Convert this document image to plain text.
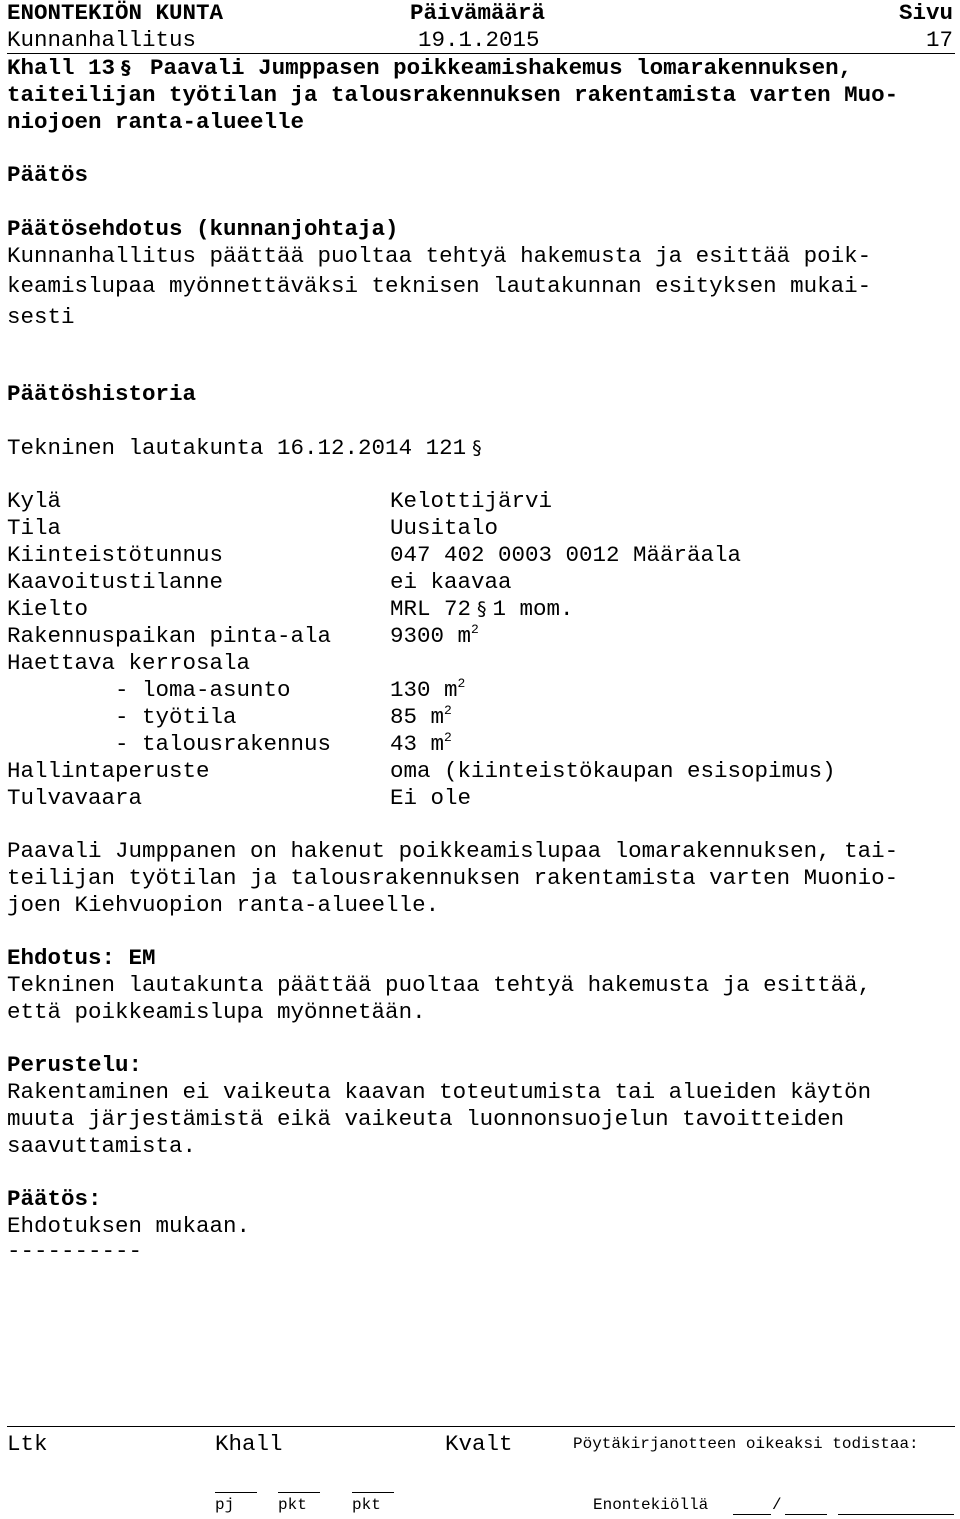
ENONTEKIÖN KUNTA	Päivämäärä	Sivu
Kunnanhallitus	19.1.2015	17
Khall 13 § Paavali Jumppasen poikkeamishakemus lomarakennuksen,
taiteilijan työtilan ja talousrakennuksen rakentamista varten Muo-
niojoen ranta-alueelle
Päätös
Päätösehdotus (kunnanjohtaja)
Kunnanhallitus päättää puoltaa tehtyä hakemusta ja esittää poik-
keamislupaa myönnettäväksi teknisen lautakunnan esityksen mukai-
sesti
Päätöshistoria
Tekninen lautakunta 16.12.2014 121 §
Kylä	Kelottijärvi
Tila	Uusitalo
Kiinteistötunnus	047 402 0003 0012 Määräala
Kaavoitustilanne	ei kaavaa
Kielto	MRL 72 § 1 mom.
Rakennuspaikan pinta-ala	9300 $m^2$
Haettava kerrosala
- loma-asunto	130 $m^2$
- työtila	85 $m^2$
- talousrakennus	43 $m^2$
Hallintaperuste	oma (kiinteistökaupan esisopimus)
Tulvavaara	Ei ole
Paavali Jumppanen on hakenut poikkeamislupaa lomarakennuksen, tai-
teilijan työtilan ja talousrakennuksen rakentamista varten Muonio-
joen Kiehvuopion ranta-alueelle.
Ehdotus: EM
Tekninen lautakunta päättää puoltaa tehtyä hakemusta ja esittää,
että poikkeamislupa myönnetään.
Perustelu:
Rakentaminen ei vaikeuta kaavan toteutumista tai alueiden käytön
muuta järjestämistä eikä vaikeuta luonnonsuojelun tavoitteiden
saavuttamista.
Päätös:
Ehdotuksen mukaan.
----------
Ltk	Khall	Kvalt	Pöytäkirjanotteen oikeaksi todistaa:
pj	pkt	pkt	Enontekiöllä	/
